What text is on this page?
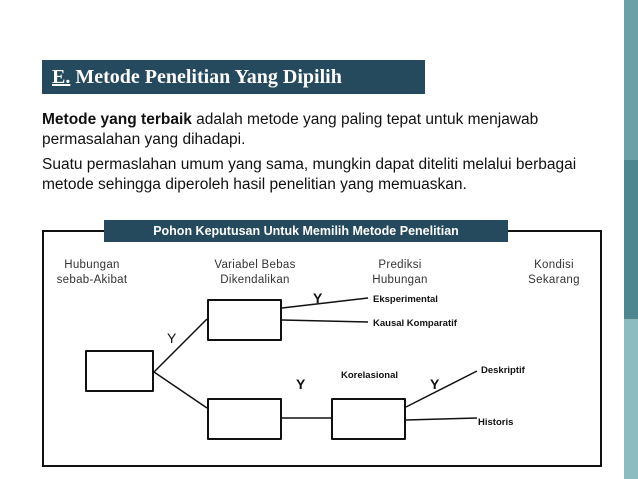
E. Metode Penelitian Yang Dipilih
Metode yang terbaik adalah metode yang paling tepat untuk menjawab permasalahan yang dihadapi.
Suatu permaslahan umum yang sama, mungkin dapat diteliti melalui berbagai metode sehingga diperoleh hasil penelitian yang memuaskan.
Pohon Keputusan Untuk Memilih Metode Penelitian
Hubungan
sebab-Akibat
Variabel Bebas
Dikendalikan
Prediksi
Hubungan
Kondisi
Sekarang
Y
Y
Y	Y
Eksperimental
Kausal Komparatif
Korelasional	Deskriptif
Historis
